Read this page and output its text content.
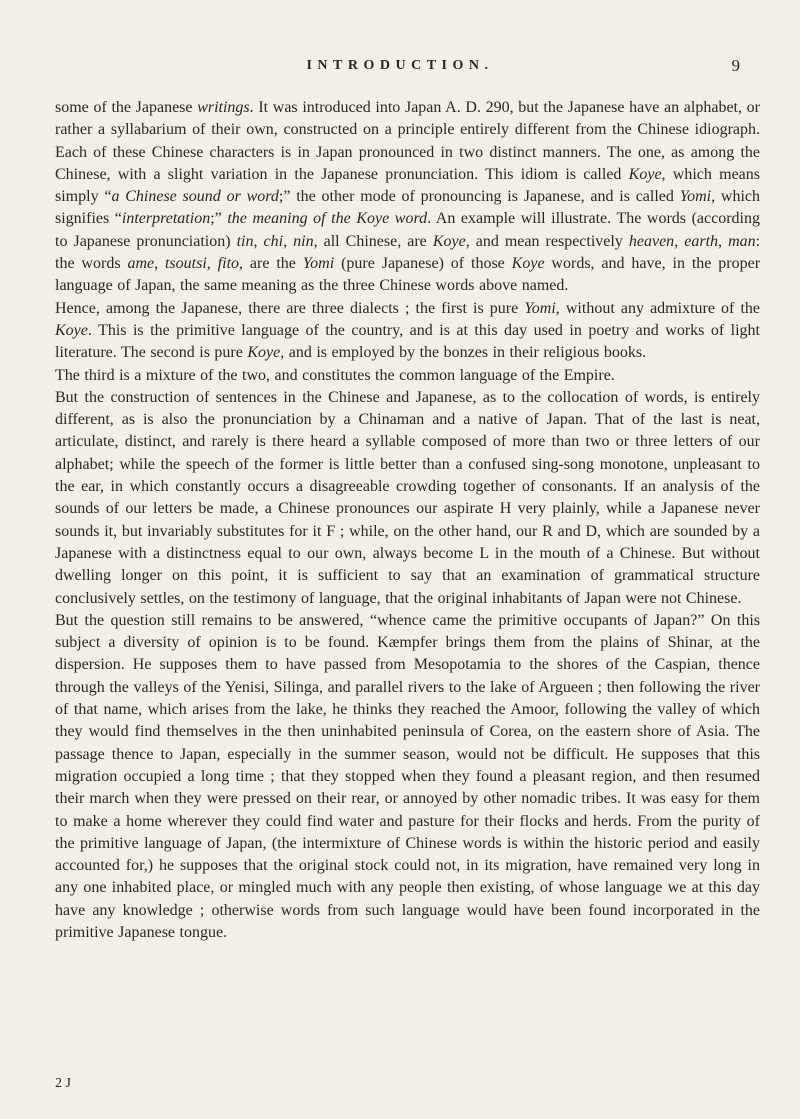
INTRODUCTION.	9

some of the Japanese writings. It was introduced into Japan A. D. 290, but the Japanese have an alphabet, or rather a syllabarium of their own, constructed on a principle entirely different from the Chinese idiograph. Each of these Chinese characters is in Japan pronounced in two distinct manners. The one, as among the Chinese, with a slight variation in the Japanese pronunciation. This idiom is called Koye, which means simply “a Chinese sound or word;” the other mode of pronouncing is Japanese, and is called Yomi, which signifies “interpretation;” the meaning of the Koye word. An example will illustrate. The words (according to Japanese pronunciation) tin, chi, nin, all Chinese, are Koye, and mean respectively heaven, earth, man: the words ame, tsoutsi, fito, are the Yomi (pure Japanese) of those Koye words, and have, in the proper language of Japan, the same meaning as the three Chinese words above named.

Hence, among the Japanese, there are three dialects ; the first is pure Yomi, without any admixture of the Koye. This is the primitive language of the country, and is at this day used in poetry and works of light literature. The second is pure Koye, and is employed by the bonzes in their religious books.

The third is a mixture of the two, and constitutes the common language of the Empire.

But the construction of sentences in the Chinese and Japanese, as to the collocation of words, is entirely different, as is also the pronunciation by a Chinaman and a native of Japan. That of the last is neat, articulate, distinct, and rarely is there heard a syllable composed of more than two or three letters of our alphabet; while the speech of the former is little better than a confused sing-song monotone, unpleasant to the ear, in which constantly occurs a disagreeable crowding together of consonants. If an analysis of the sounds of our letters be made, a Chinese pronounces our aspirate H very plainly, while a Japanese never sounds it, but invariably substitutes for it F ; while, on the other hand, our R and D, which are sounded by a Japanese with a distinctness equal to our own, always become L in the mouth of a Chinese. But without dwelling longer on this point, it is sufficient to say that an examination of grammatical structure conclusively settles, on the testimony of language, that the original inhabitants of Japan were not Chinese.

But the question still remains to be answered, “whence came the primitive occupants of Japan?” On this subject a diversity of opinion is to be found. Kæmpfer brings them from the plains of Shinar, at the dispersion. He supposes them to have passed from Mesopotamia to the shores of the Caspian, thence through the valleys of the Yenisi, Silinga, and parallel rivers to the lake of Argueen ; then following the river of that name, which arises from the lake, he thinks they reached the Amoor, following the valley of which they would find themselves in the then uninhabited peninsula of Corea, on the eastern shore of Asia. The passage thence to Japan, especially in the summer season, would not be difficult. He supposes that this migration occupied a long time ; that they stopped when they found a pleasant region, and then resumed their march when they were pressed on their rear, or annoyed by other nomadic tribes. It was easy for them to make a home wherever they could find water and pasture for their flocks and herds. From the purity of the primitive language of Japan, (the intermixture of Chinese words is within the historic period and easily accounted for,) he supposes that the original stock could not, in its migration, have remained very long in any one inhabited place, or mingled much with any people then existing, of whose language we at this day have any knowledge ; otherwise words from such language would have been found incorporated in the primitive Japanese tongue.

2 J
